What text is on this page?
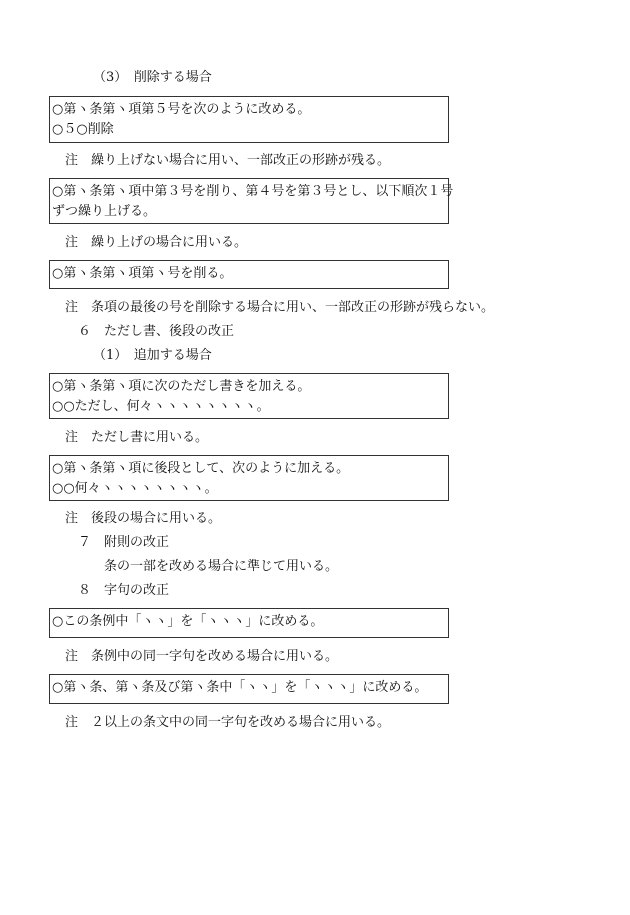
（3）　削除する場合
○第ヽ条第ヽ項第５号を次のように改める。
○５○削除
注　繰り上げない場合に用い、一部改正の形跡が残る。
○第ヽ条第ヽ項中第３号を削り、第４号を第３号とし、以下順次１号
ずつ繰り上げる。
注　繰り上げの場合に用いる。
○第ヽ条第ヽ項第ヽ号を削る。
注　条項の最後の号を削除する場合に用い、一部改正の形跡が残らない。
６　ただし書、後段の改正
（1）　追加する場合
○第ヽ条第ヽ項に次のただし書きを加える。
○○ただし、何々ヽヽヽヽヽヽヽヽ。
注　ただし書に用いる。
○第ヽ条第ヽ項に後段として、次のように加える。
○○何々ヽヽヽヽヽヽヽヽ。
注　後段の場合に用いる。
７　附則の改正
条の一部を改める場合に準じて用いる。
８　字句の改正
○この条例中「ヽヽ」を「ヽヽヽ」に改める。
注　条例中の同一字句を改める場合に用いる。
○第ヽ条、第ヽ条及び第ヽ条中「ヽヽ」を「ヽヽヽ」に改める。
注　２以上の条文中の同一字句を改める場合に用いる。
